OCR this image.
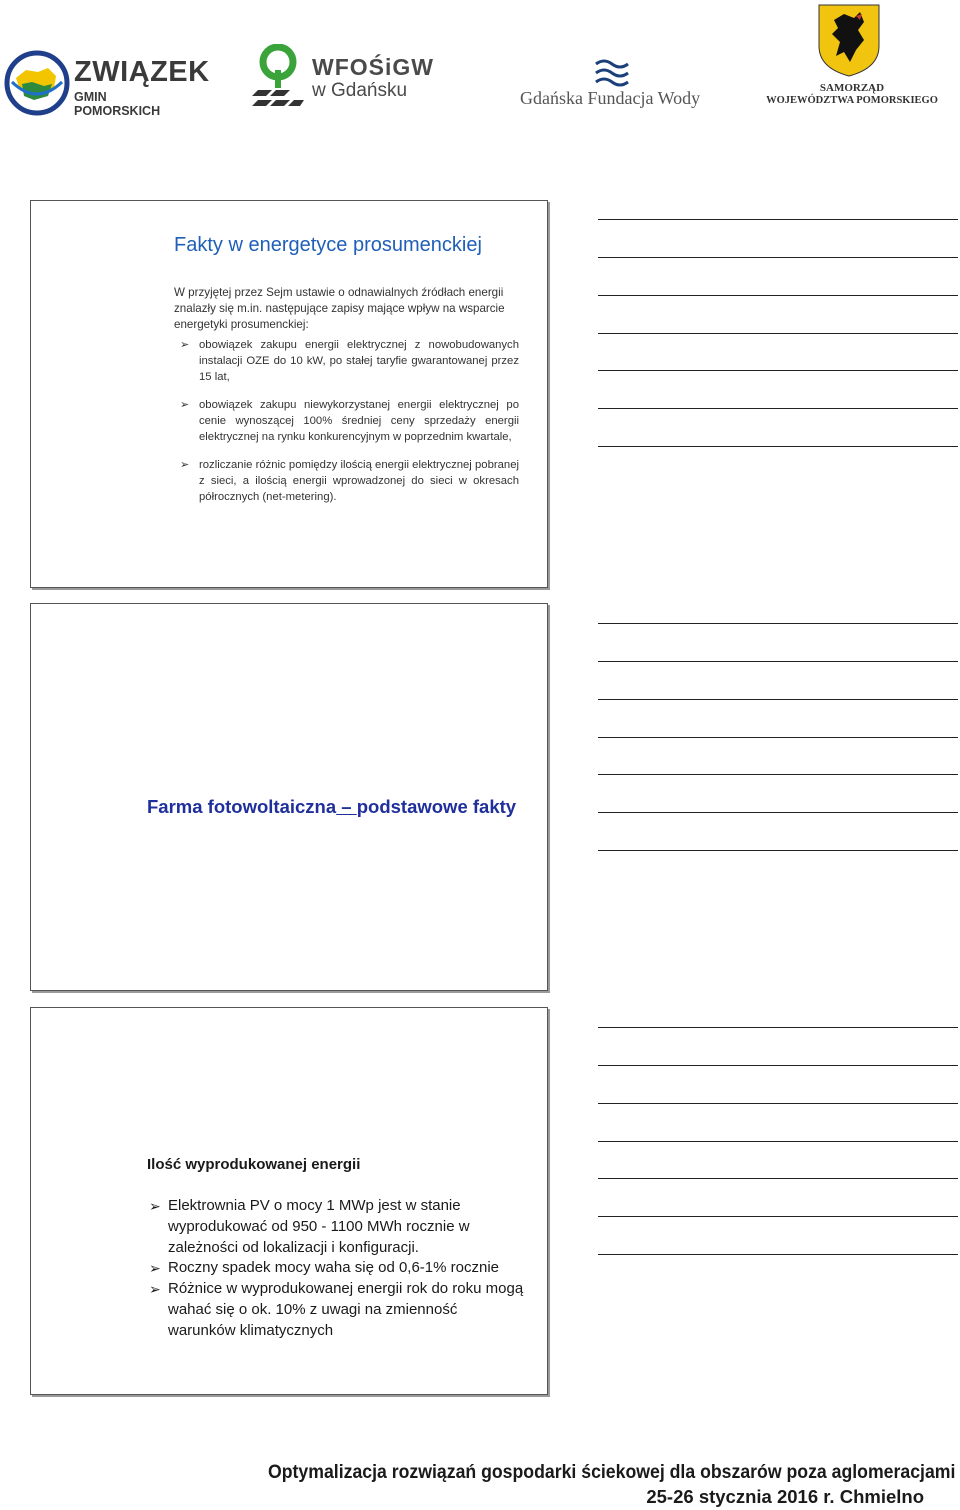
ZWIĄZEK
GMIN POMORSKICH
WFOŚiGW
w Gdańsku	Gdańska Fundacja Wody	SAMORZĄD
WOJEWÓDZTWA POMORSKIEGO
Fakty w energetyce prosumenckiej

W przyjętej przez Sejm ustawie o odnawialnych źródłach energii znalazły się m.in. następujące zapisy mające wpływ na wsparcie energetyki prosumenckiej:

➢ obowiązek zakupu energii elektrycznej z nowobudowanych instalacji OZE do 10 kW, po stałej taryfie gwarantowanej przez 15 lat,
➢ obowiązek zakupu niewykorzystanej energii elektrycznej po cenie wynoszącej 100% średniej ceny sprzedaży energii elektrycznej na rynku konkurencyjnym w poprzednim kwartale,
➢ rozliczanie różnic pomiędzy ilością energii elektrycznej pobranej z sieci, a ilością energii wprowadzonej do sieci w okresach półrocznych (net-metering).
Farma fotowoltaiczna – podstawowe fakty
Ilość wyprodukowanej energii
➢ Elektrownia PV o mocy 1 MWp jest w stanie wyprodukować od 950 - 1100 MWh rocznie w zależności od lokalizacji i konfiguracji.
➢ Roczny spadek mocy waha się od 0,6-1% rocznie
➢ Różnice w wyprodukowanej energii rok do roku mogą wahać się o ok. 10% z uwagi na zmienność warunków klimatycznych
Optymalizacja rozwiązań gospodarki ściekowej dla obszarów poza aglomeracjami
25-26 stycznia 2016 r. Chmielno
